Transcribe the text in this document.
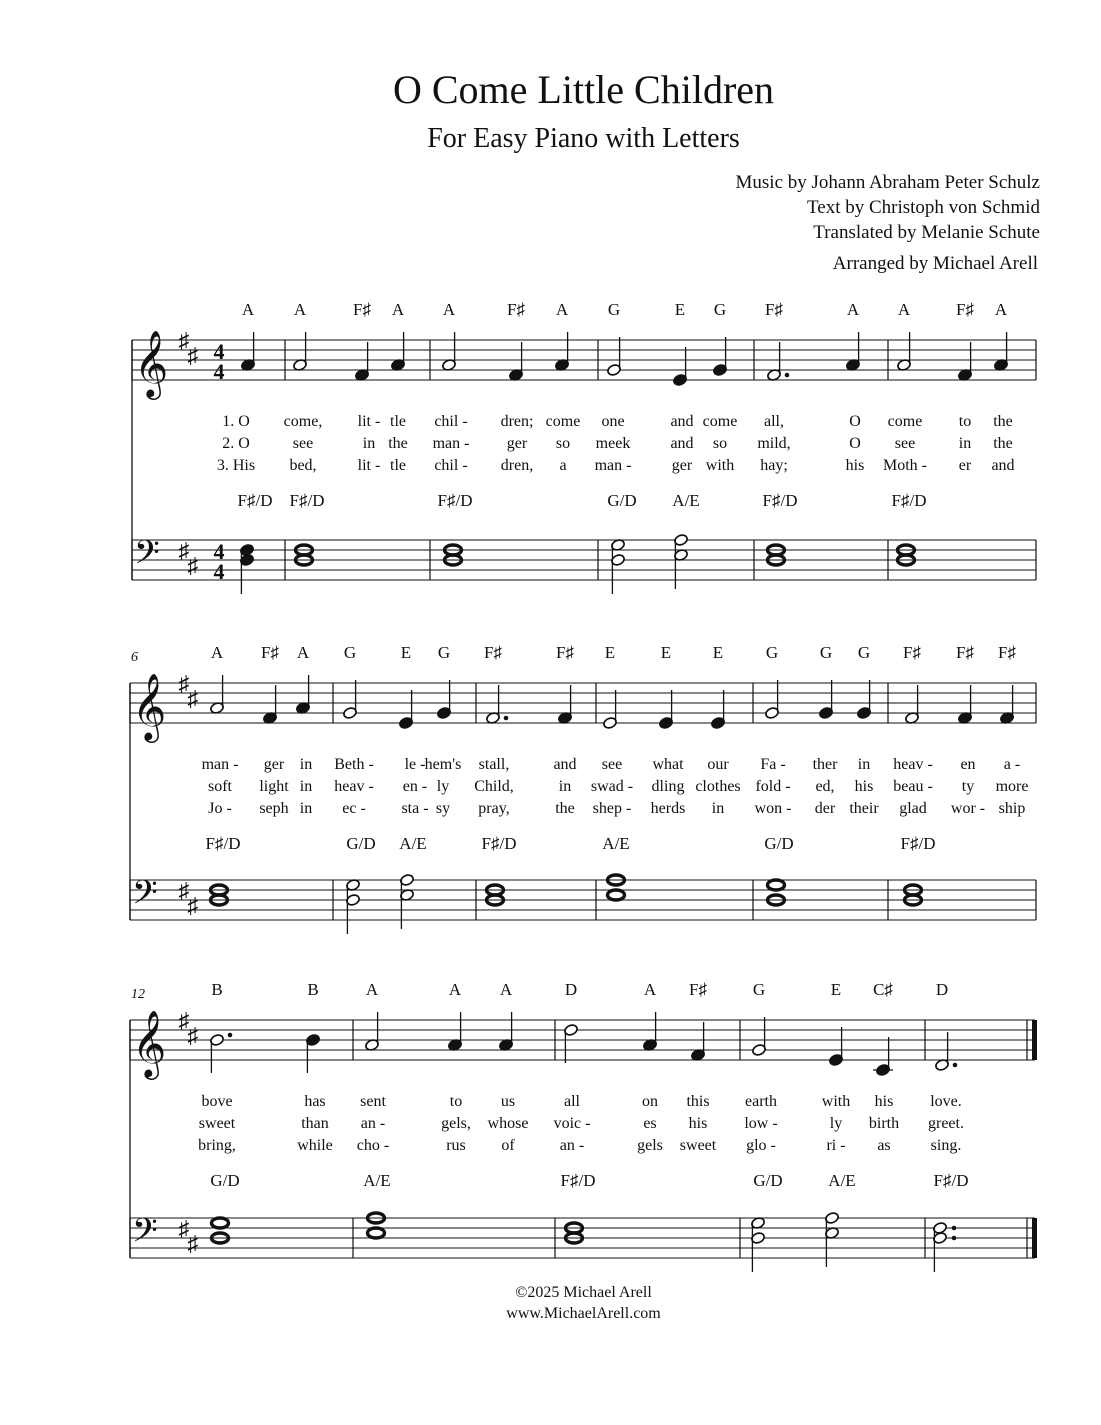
O Come Little Children
For Easy Piano with Letters
Music by Johann Abraham Peter Schulz
Text by Christoph von Schmid
Translated by Melanie Schute
Arranged by Michael Arell
𝄞 ♯
♯ 4
4
𝄢 ♯
♯
4
4
A A	F♯ A A	F♯ A G	E G F♯	A A	F♯ A
1. O come, lit - tle chil - dren; come one	and come all,	O come to the
2. O	see	in the man - ger so meek	and so mild,	O see	in the
3. His bed,	lit - tle chil - dren, a man -	ger with hay;	his Moth - er and
F♯/D F♯/D	F♯/D	G/D A/E	F♯/D	F♯/D
𝄞 ♯
♯
𝄢 ♯
♯
6	A F♯ A G	E G F♯	F♯ E	E E	G G G F♯ F♯ F♯
man - ger in Beth - le - hem's stall,	and see what our Fa - ther in heav - en a -
soft light in heav - en - ly Child,	in swad - dling clothes fold - ed, his beau - ty more
Jo - seph in ec - sta - sy pray,	the shep - herds in won - der their glad wor - ship
F♯/D	G/D A/E	F♯/D	A/E	G/D	F♯/D
𝄞 ♯
♯
𝄢 ♯
♯
12	B	B	A	A A	D	A F♯	G	E C♯	D
bove	has sent	to us	all	on this earth	with his love.
sweet	than an -	gels, whose voic -	es his low -	ly birth greet.
bring,	while cho -	rus of	an -	gels sweet glo -	ri - as	sing.
G/D	A/E	F♯/D	G/D	A/E	F♯/D
©2025 Michael Arell
www.MichaelArell.com
